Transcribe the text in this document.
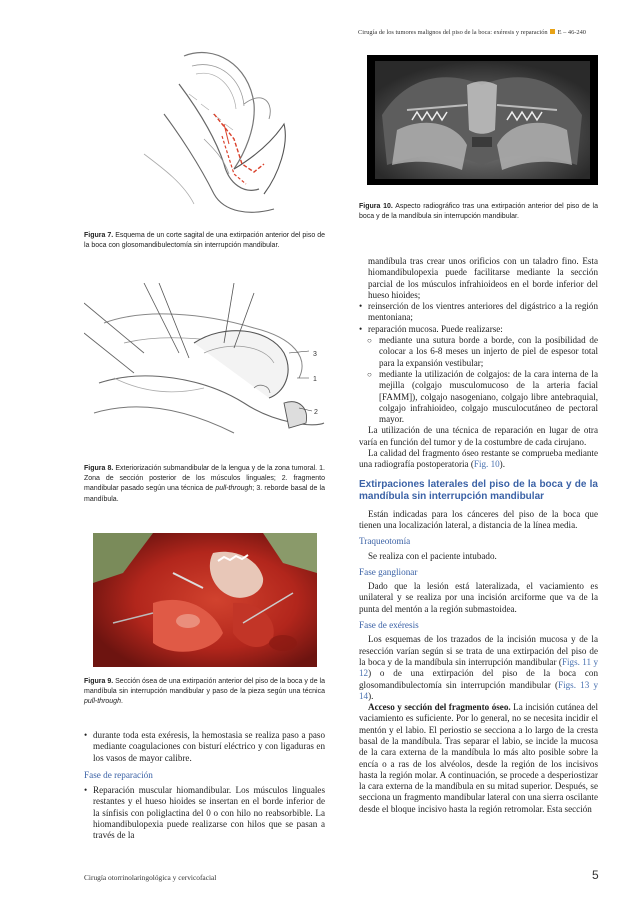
Cirugía de los tumores malignos del piso de la boca: exéresis y reparación E – 46-240
Figura 7. Esquema de un corte sagital de una extirpación anterior del piso de la boca con glosomandibulectomía sin interrupción mandibular.
3
1
2
Figura 8. Exteriorización submandibular de la lengua y de la zona tumoral. 1. Zona de sección posterior de los músculos linguales; 2. fragmento mandibular pasado según una técnica de pull-through; 3. reborde basal de la mandíbula.
Figura 9. Sección ósea de una extirpación anterior del piso de la boca y de la mandíbula sin interrupción mandibular y paso de la pieza según una técnica pull-through.

• durante toda esta exéresis, la hemostasia se realiza paso a paso mediante coagulaciones con bisturí eléctrico y con ligaduras en los vasos de mayor calibre.

Fase de reparación

• Reparación muscular hiomandibular. Los músculos linguales restantes y el hueso hioides se insertan en el borde inferior de la sínfisis con poliglactina del 0 o con hilo no reabsorbible. La hiomandibulopexia puede realizarse con hilos que se pasan a través de la

Figura 10. Aspecto radiográfico tras una extirpación anterior del piso de la boca y de la mandíbula sin interrupción mandibular.

mandíbula tras crear unos orificios con un taladro fino. Esta hiomandibulopexia puede facilitarse mediante la sección parcial de los músculos infrahioideos en el borde inferior del hueso hioides;

• reinserción de los vientres anteriores del digástrico a la región mentoniana;

• reparación mucosa. Puede realizarse:

○ mediante una sutura borde a borde, con la posibilidad de colocar a los 6-8 meses un injerto de piel de espesor total para la expansión vestibular;

○ mediante la utilización de colgajos: de la cara interna de la mejilla (colgajo musculomucoso de la arteria facial [FAMM]), colgajo nasogeniano, colgajo libre antebraquial, colgajo infrahioideo, colgajo musculocutáneo de pectoral mayor.

La utilización de una técnica de reparación en lugar de otra varía en función del tumor y de la costumbre de cada cirujano.

La calidad del fragmento óseo restante se comprueba mediante una radiografía postoperatoria (Fig. 10).

Extirpaciones laterales del piso de la boca y de la mandíbula sin interrupción mandibular

Están indicadas para los cánceres del piso de la boca que tienen una localización lateral, a distancia de la línea media.

Traqueotomía

Se realiza con el paciente intubado.

Fase ganglionar

Dado que la lesión está lateralizada, el vaciamiento es unilateral y se realiza por una incisión arciforme que va de la punta del mentón a la región submastoidea.

Fase de exéresis

Los esquemas de los trazados de la incisión mucosa y de la resección varían según si se trata de una extirpación del piso de la boca y de la mandíbula sin interrupción mandibular (Figs. 11 y 12) o de una extirpación del piso de la boca con glosomandibulectomía sin interrupción mandibular (Figs. 13 y 14).

Acceso y sección del fragmento óseo. La incisión cutánea del vaciamiento es suficiente. Por lo general, no se necesita incidir el mentón y el labio. El periostio se secciona a lo largo de la cresta basal de la mandíbula. Tras separar el labio, se incide la mucosa de la cara externa de la mandíbula lo más alto posible sobre la encía o a ras de los alvéolos, desde la región de los incisivos hasta la región molar. A continuación, se procede a desperiostizar la cara externa de la mandíbula en su mitad superior. Después, se secciona un fragmento mandibular lateral con una sierra oscilante desde el bloque incisivo hasta la región retromolar. Esta sección

Cirugía otorrinolaringológica y cervicofacial	5
